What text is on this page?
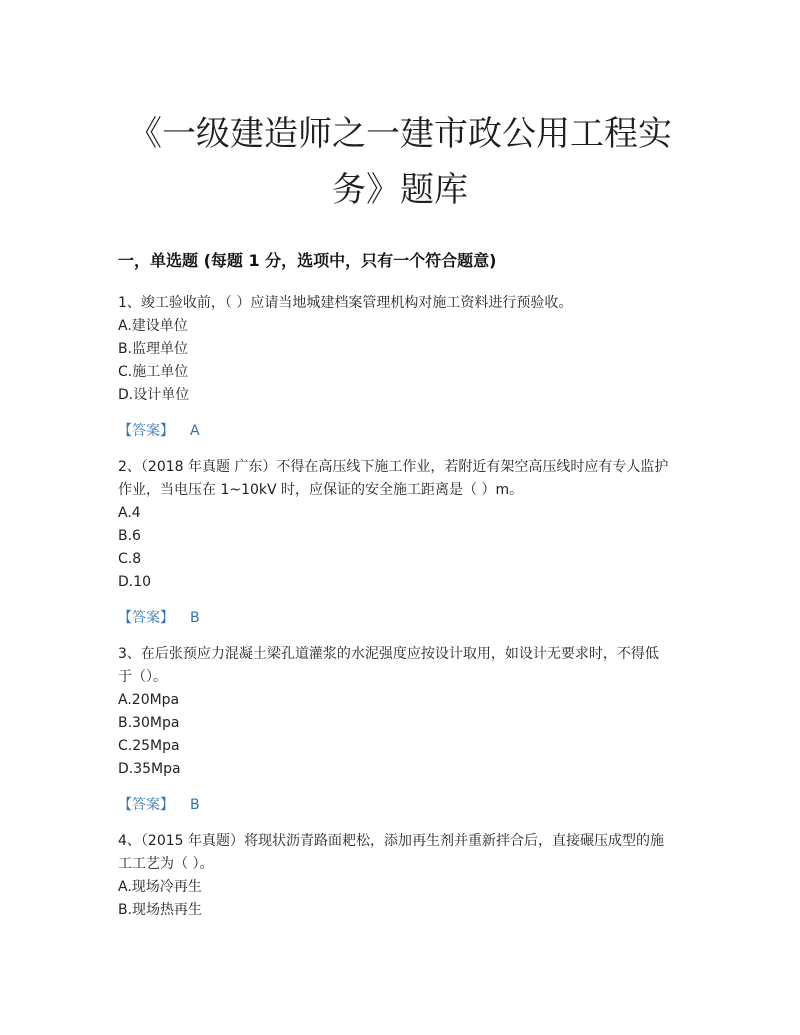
《一级建造师之一建市政公用工程实
务》题库
一，单选题 (每题 1 分，选项中，只有一个符合题意)

1、竣工验收前，（ ）应请当地城建档案管理机构对施工资料进行预验收。

A.建设单位

B.监理单位

C.施工单位

D.设计单位

【答案】 A

2、（2018 年真题 广东）不得在高压线下施工作业，若附近有架空高压线时应有专人监护

作业，当电压在 1~10kV 时，应保证的安全施工距离是（ ）m。

A.4

B.6

C.8

D.10

【答案】 B

3、在后张预应力混凝土梁孔道灌浆的水泥强度应按设计取用，如设计无要求时，不得低

于（）。

A.20Mpa

B.30Mpa

C.25Mpa

D.35Mpa

【答案】 B

4、（2015 年真题）将现状沥青路面耙松，添加再生剂并重新拌合后，直接碾压成型的施

工工艺为（ ）。

A.现场冷再生

B.现场热再生
